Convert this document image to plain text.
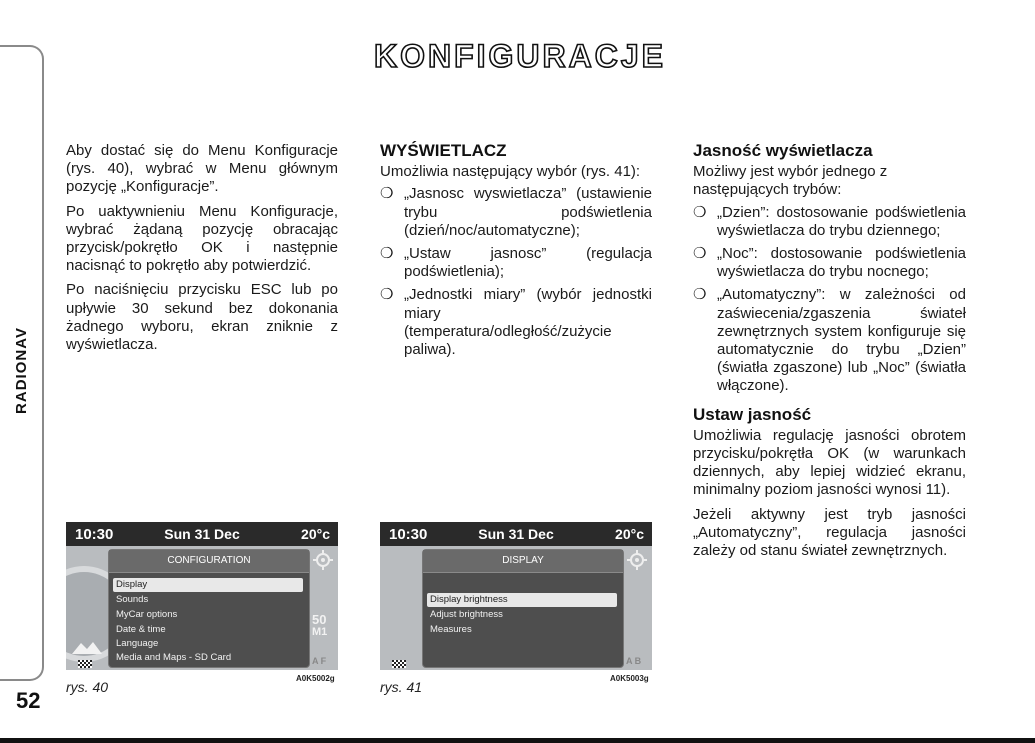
RADIONAV
52
KONFIGURACJE

Aby dostać się do Menu Konfiguracje (rys. 40), wybrać w Menu głównym pozycję „Konfiguracje”.

Po uaktywnieniu Menu Konfiguracje, wybrać żądaną pozycję obracając przycisk/pokrętło OK i następnie nacisnąć to pokrętło aby potwierdzić.

Po naciśnięciu przycisku ESC lub po upływie 30 sekund bez dokonania żadnego wyboru, ekran zniknie z wyświetlacza.

WYŚWIETLACZ

Umożliwia następujący wybór (rys. 41):

❍ „Jasnosc wyswietlacza” (ustawienie trybu podświetlenia (dzień/noc/automatyczne);
❍ „Ustaw jasnosc” (regulacja podświetlenia);
❍ „Jednostki miary” (wybór jednostki miary (temperatura/odległość/zużycie paliwa).
Jasność wyświetlacza

Możliwy jest wybór jednego z następujących trybów:

❍ „Dzien”: dostosowanie podświetlenia wyświetlacza do trybu dziennego;
❍ „Noc”: dostosowanie podświetlenia wyświetlacza do trybu nocnego;
❍ „Automatyczny”: w zależności od zaświecenia/zgaszenia świateł zewnętrznych system konfiguruje się automatycznie do trybu „Dzien” (światła zgaszone) lub „Noc” (światła włączone).
Ustaw jasność

Umożliwia regulację jasności obrotem przycisku/pokrętła OK (w warunkach dziennych, aby lepiej widzieć ekranu, minimalny poziom jasności wynosi 11).

Jeżeli aktywny jest tryb jasności „Automatyczny”, regulacja jasności zależy od stanu świateł zewnętrznych.

10:30	Sun 31 Dec	20°c
50
M1
A F
CONFIGURATION
Display
Sounds
MyCar options
Date & time
Language
Media and Maps - SD Card
rys. 40
A0K5002g
10:30	Sun 31 Dec	20°c
A B
DISPLAY
Display brightness
Adjust brightness
Measures
rys. 41
A0K5003g
